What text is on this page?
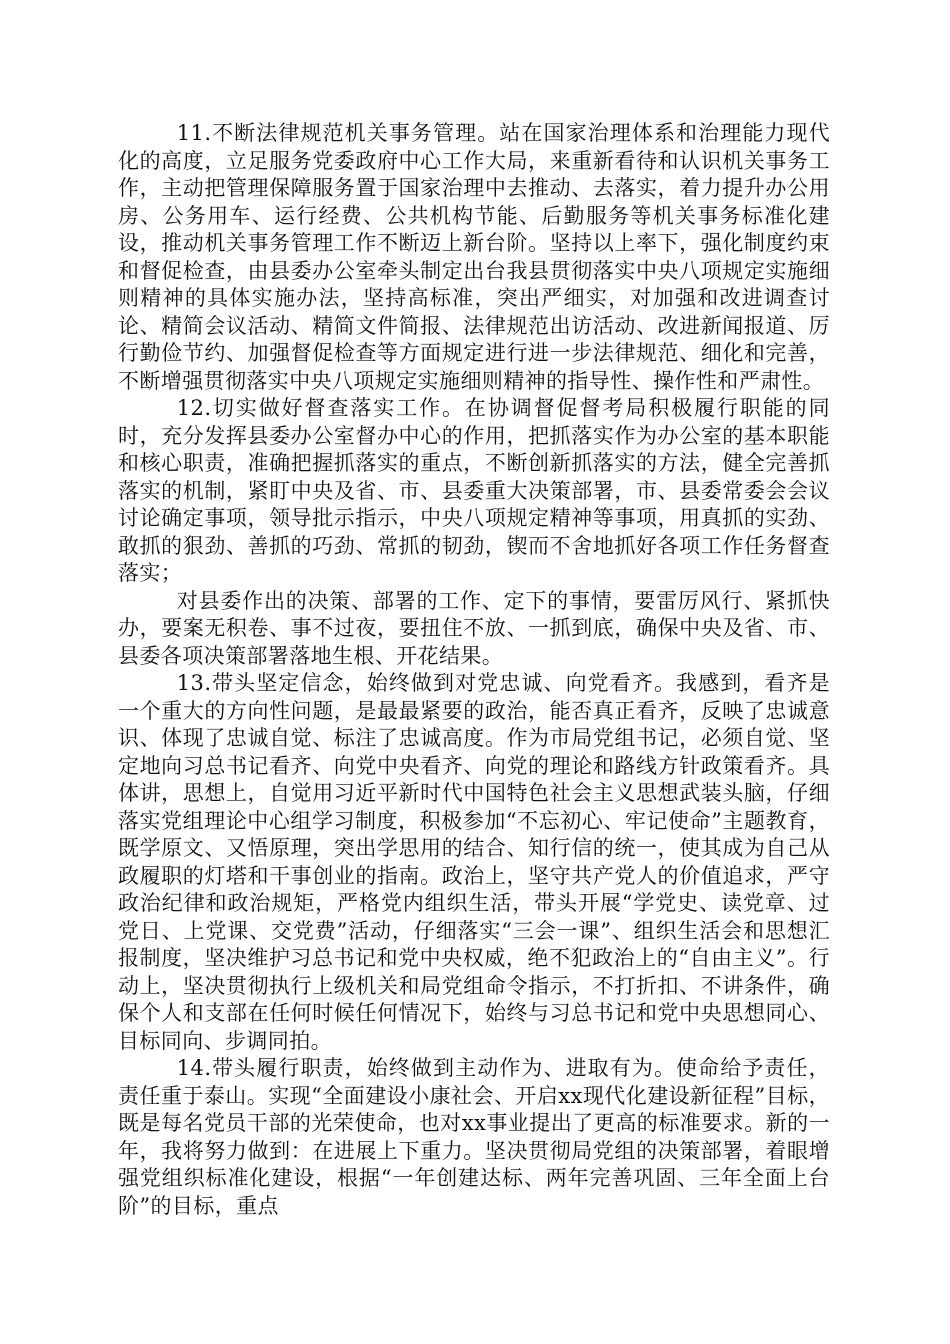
11.不断法律规范机关事务管理。站在国家治理体系和治理能力现代化的高度，立足服务党委政府中心工作大局，来重新看待和认识机关事务工作，主动把管理保障服务置于国家治理中去推动、去落实，着力提升办公用房、公务用车、运行经费、公共机构节能、后勤服务等机关事务标准化建设，推动机关事务管理工作不断迈上新台阶。坚持以上率下，强化制度约束和督促检查，由县委办公室牵头制定出台我县贯彻落实中央八项规定实施细则精神的具体实施办法，坚持高标准，突出严细实，对加强和改进调查讨论、精简会议活动、精简文件简报、法律规范出访活动、改进新闻报道、厉行勤俭节约、加强督促检查等方面规定进行进一步法律规范、细化和完善，不断增强贯彻落实中央八项规定实施细则精神的指导性、操作性和严肃性。

12.切实做好督查落实工作。在协调督促督考局积极履行职能的同时，充分发挥县委办公室督办中心的作用，把抓落实作为办公室的基本职能和核心职责，准确把握抓落实的重点，不断创新抓落实的方法，健全完善抓落实的机制，紧盯中央及省、市、县委重大决策部署，市、县委常委会会议讨论确定事项，领导批示指示，中央八项规定精神等事项，用真抓的实劲、敢抓的狠劲、善抓的巧劲、常抓的韧劲，锲而不舍地抓好各项工作任务督查落实；

对县委作出的决策、部署的工作、定下的事情，要雷厉风行、紧抓快办，要案无积卷、事不过夜，要扭住不放、一抓到底，确保中央及省、市、县委各项决策部署落地生根、开花结果。

13.带头坚定信念，始终做到对党忠诚、向党看齐。我感到，看齐是一个重大的方向性问题，是最最紧要的政治，能否真正看齐，反映了忠诚意识、体现了忠诚自觉、标注了忠诚高度。作为市局党组书记，必须自觉、坚定地向习总书记看齐、向党中央看齐、向党的理论和路线方针政策看齐。具体讲，思想上，自觉用习近平新时代中国特色社会主义思想武装头脑，仔细落实党组理论中心组学习制度，积极参加“不忘初心、牢记使命”主题教育，既学原文、又悟原理，突出学思用的结合、知行信的统一，使其成为自己从政履职的灯塔和干事创业的指南。政治上，坚守共产党人的价值追求，严守政治纪律和政治规矩，严格党内组织生活，带头开展“学党史、读党章、过党日、上党课、交党费”活动，仔细落实“三会一课”、组织生活会和思想汇报制度，坚决维护习总书记和党中央权威，绝不犯政治上的“自由主义”。行动上，坚决贯彻执行上级机关和局党组命令指示，不打折扣、不讲条件，确保个人和支部在任何时候任何情况下，始终与习总书记和党中央思想同心、目标同向、步调同拍。

14.带头履行职责，始终做到主动作为、进取有为。使命给予责任，责任重于泰山。实现“全面建设小康社会、开启xx现代化建设新征程”目标，既是每名党员干部的光荣使命，也对xx事业提出了更高的标准要求。新的一年，我将努力做到：在进展上下重力。坚决贯彻局党组的决策部署，着眼增强党组织标准化建设，根据“一年创建达标、两年完善巩固、三年全面上台阶”的目标，重点
